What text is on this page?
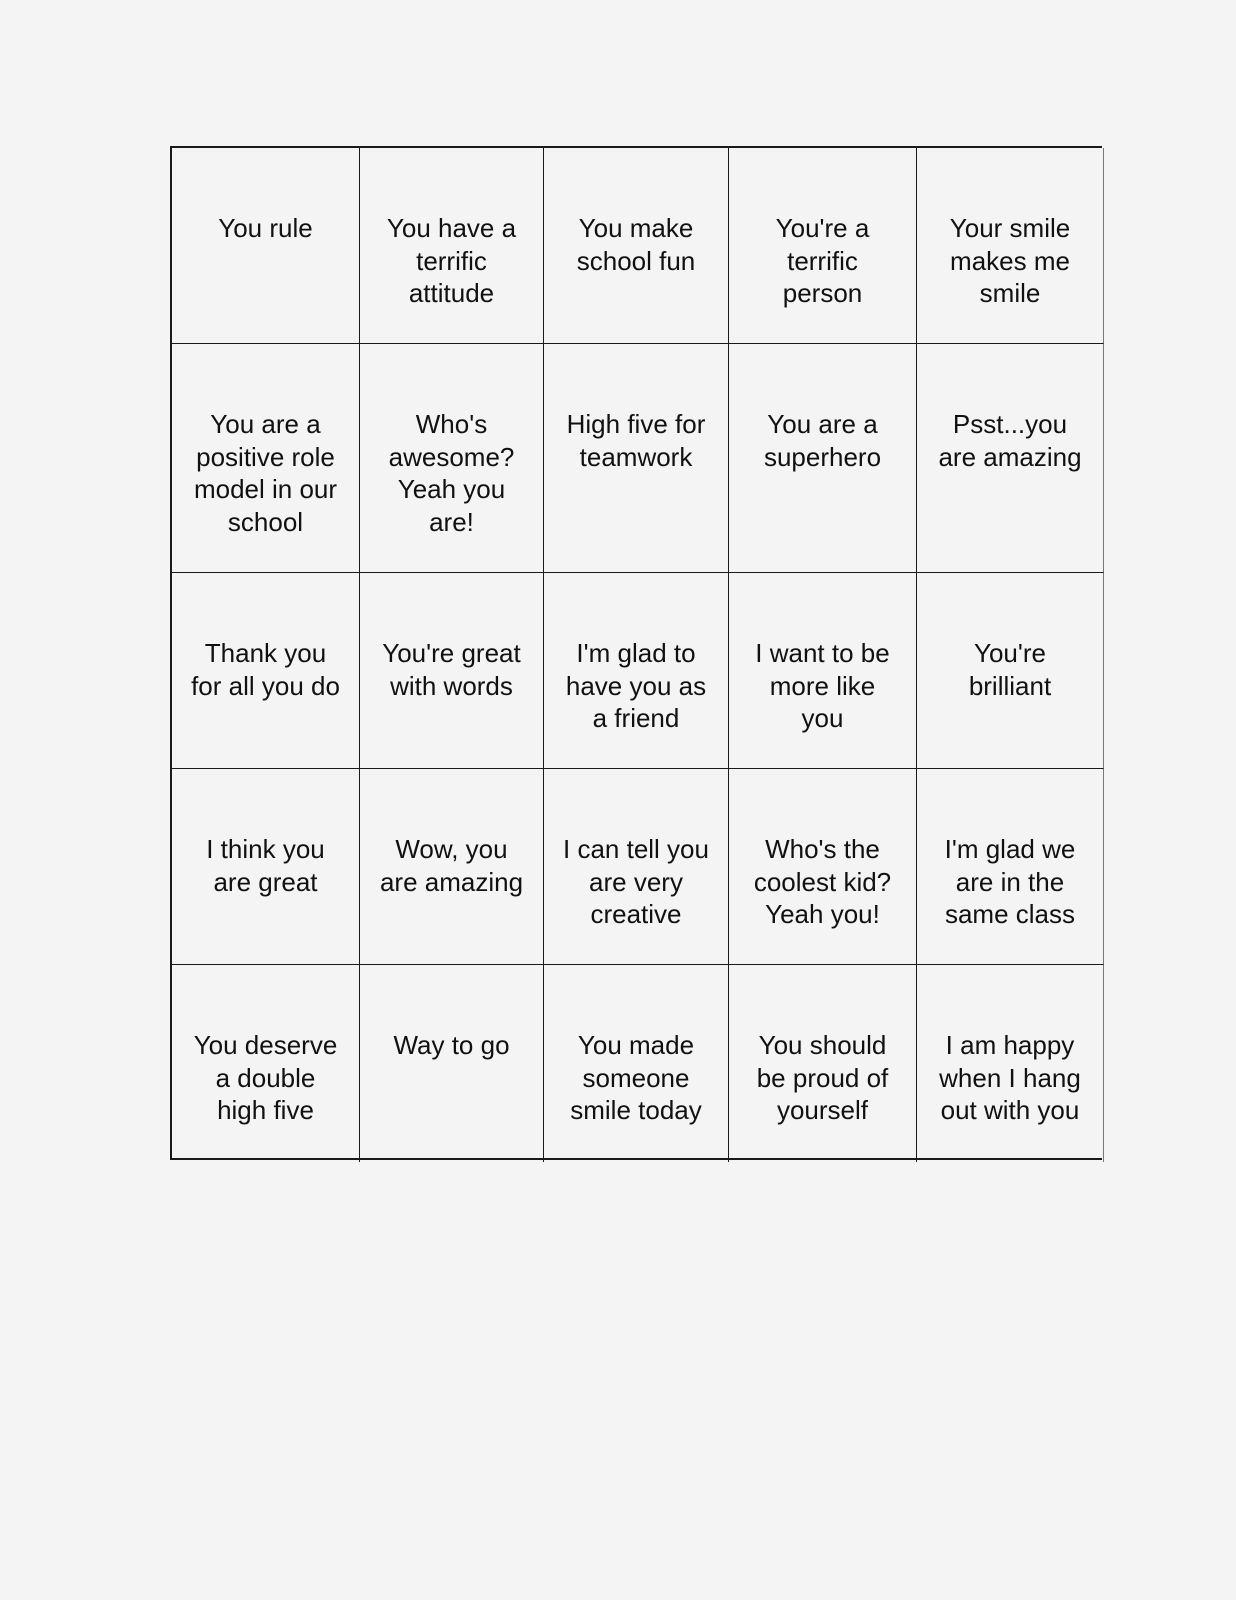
You rule	You have a
terrific
attitude
You make
school fun
You're a
terrific
person
Your smile
makes me
smile
You are a
positive role
model in our
school
Who's
awesome?
Yeah you
are!
High five for
teamwork
You are a
superhero
Psst...you
are amazing
Thank you
for all you do
You're great
with words
I'm glad to
have you as
a friend
I want to be
more like
you
You're
brilliant
I think you
are great
Wow, you
are amazing
I can tell you
are very
creative
Who's the
coolest kid?
Yeah you!
I'm glad we
are in the
same class
You deserve
a double
high five
Way to go	You made
someone
smile today
You should
be proud of
yourself
I am happy
when I hang
out with you
